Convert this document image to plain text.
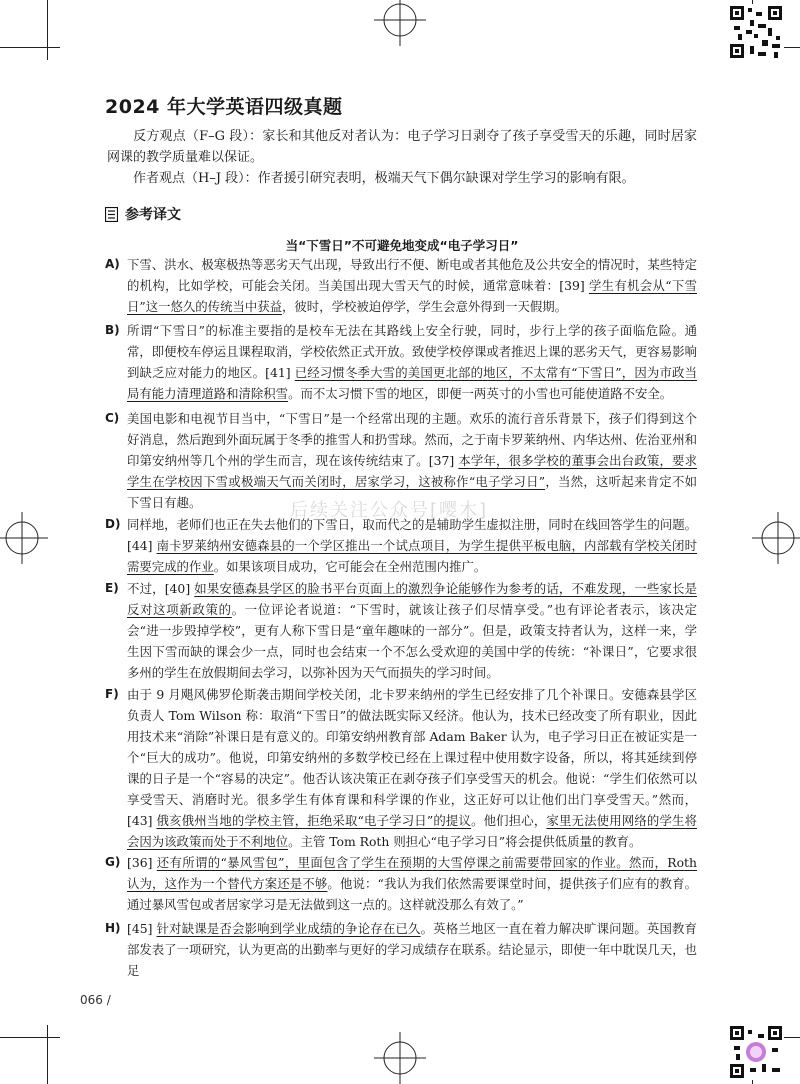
2024 年大学英语四级真题

反方观点（F–G 段）：家长和其他反对者认为：电子学习日剥夺了孩子享受雪天的乐趣，同时居家网课的教学质量难以保证。

作者观点（H–J 段）：作者援引研究表明，极端天气下偶尔缺课对学生学习的影响有限。

参考译文

当“下雪日”不可避免地变成“电子学习日”

后续关注公众号[嘤木]
A) 下雪、洪水、极寒极热等恶劣天气出现，导致出行不便、断电或者其他危及公共安全的情况时，某些特定的机构，比如学校，可能会关闭。当美国出现大雪天气的时候，通常意味着：[39] 学生有机会从“下雪日”这一悠久的传统当中获益，彼时，学校被迫停学，学生会意外得到一天假期。
B) 所谓“下雪日”的标准主要指的是校车无法在其路线上安全行驶，同时，步行上学的孩子面临危险。通常，即便校车停运且课程取消，学校依然正式开放。致使学校停课或者推迟上课的恶劣天气，更容易影响到缺乏应对能力的地区。[41] 已经习惯冬季大雪的美国更北部的地区，不太常有“下雪日”，因为市政当局有能力清理道路和清除积雪。而不太习惯下雪的地区，即便一两英寸的小雪也可能使道路不安全。
C) 美国电影和电视节目当中，“下雪日”是一个经常出现的主题。欢乐的流行音乐背景下，孩子们得到这个好消息，然后跑到外面玩属于冬季的推雪人和扔雪球。然而，之于南卡罗莱纳州、内华达州、佐治亚州和印第安纳州等几个州的学生而言，现在该传统结束了。[37] 本学年，很多学校的董事会出台政策，要求学生在学校因下雪或极端天气而关闭时，居家学习，这被称作“电子学习日”，当然，这听起来肯定不如下雪日有趣。
D) 同样地，老师们也正在失去他们的下雪日，取而代之的是辅助学生虚拟注册，同时在线回答学生的问题。[44] 南卡罗莱纳州安德森县的一个学区推出一个试点项目，为学生提供平板电脑，内部载有学校关闭时需要完成的作业。如果该项目成功，它可能会在全州范围内推广。
E) 不过，[40] 如果安德森县学区的脸书平台页面上的激烈争论能够作为参考的话，不难发现，一些家长是反对这项新政策的。一位评论者说道：“下雪时，就该让孩子们尽情享受。”也有评论者表示，该决定会“进一步毁掉学校”，更有人称下雪日是“童年趣味的一部分”。但是，政策支持者认为，这样一来，学生因下雪而缺的课会少一点，同时也会结束一个不怎么受欢迎的美国中学的传统：“补课日”，它要求很多州的学生在放假期间去学习，以弥补因为天气而损失的学习时间。
F) 由于 9 月飓风佛罗伦斯袭击期间学校关闭，北卡罗来纳州的学生已经安排了几个补课日。安德森县学区负责人 Tom Wilson 称：取消“下雪日”的做法既实际又经济。他认为，技术已经改变了所有职业，因此用技术来“消除”补课日是有意义的。印第安纳州教育部 Adam Baker 认为，电子学习日正在被证实是一个“巨大的成功”。他说，印第安纳州的多数学校已经在上课过程中使用数字设备，所以，将其延续到停课的日子是一个“容易的决定”。他否认该决策正在剥夺孩子们享受雪天的机会。他说：“学生们依然可以享受雪天、消磨时光。很多学生有体育课和科学课的作业，这正好可以让他们出门享受雪天。”然而，[43] 俄亥俄州当地的学校主管，拒绝采取“电子学习日”的提议。他们担心，家里无法使用网络的学生将会因为该政策而处于不利地位。主管 Tom Roth 则担心“电子学习日”将会提供低质量的教育。
G) [36] 还有所谓的“暴风雪包”，里面包含了学生在预期的大雪停课之前需要带回家的作业。然而，Roth 认为，这作为一个替代方案还是不够。他说：“我认为我们依然需要课堂时间，提供孩子们应有的教育。通过暴风雪包或者居家学习是无法做到这一点的。这样就没那么有效了。”
H) [45] 针对缺课是否会影响到学业成绩的争论存在已久。英格兰地区一直在着力解决旷课问题。英国教育部发表了一项研究，认为更高的出勤率与更好的学习成绩存在联系。结论显示，即使一年中耽误几天，也足

066 /
